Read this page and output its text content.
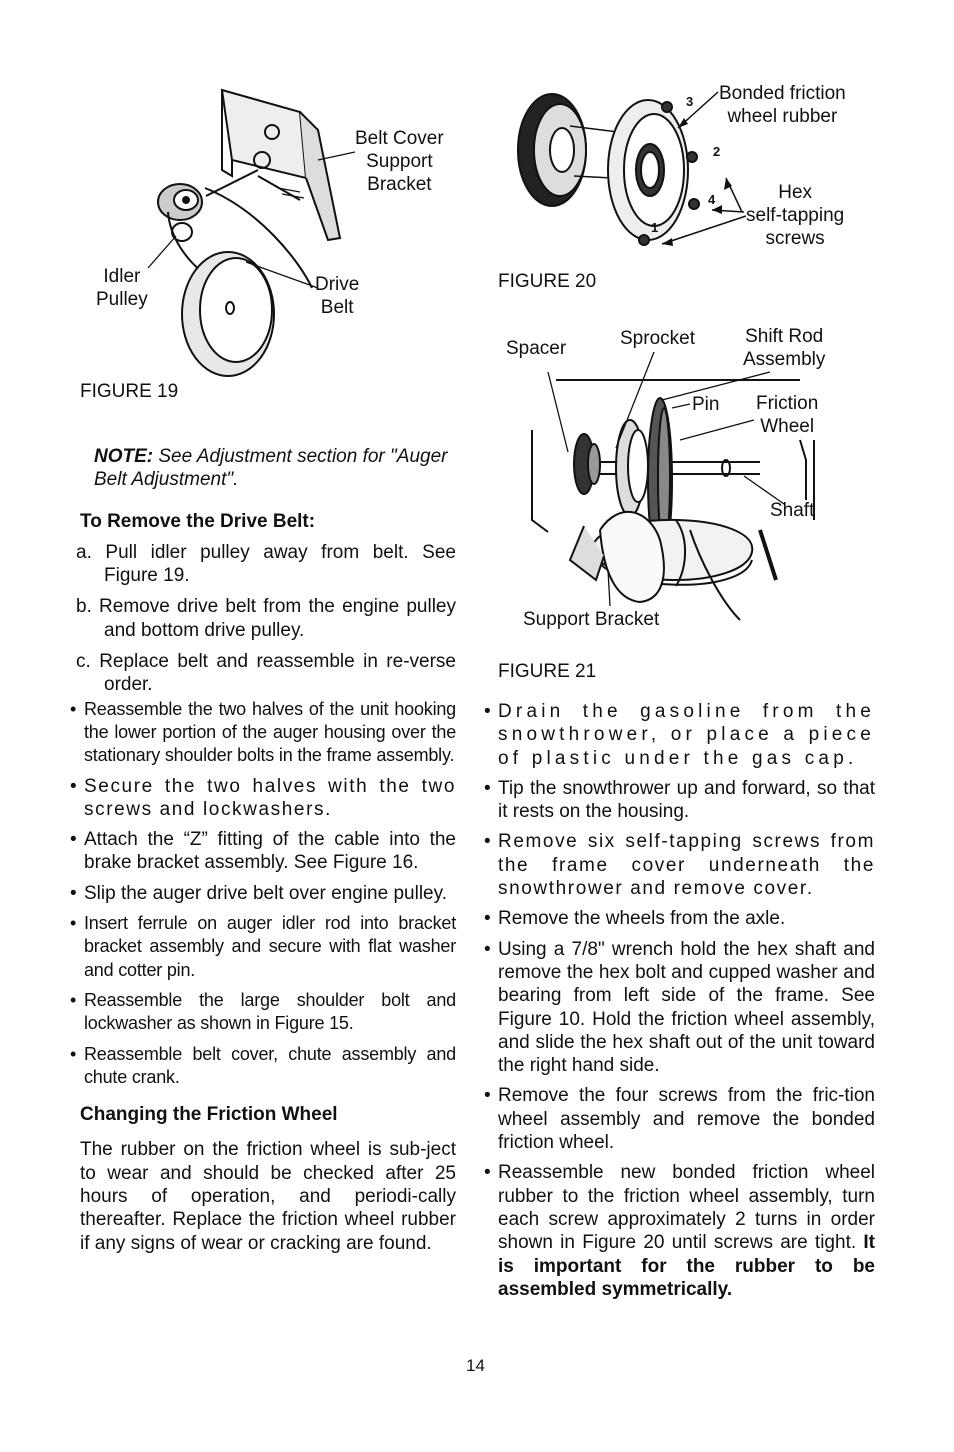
Belt Cover
Support
Bracket
Idler
Pulley
Drive
Belt
FIGURE 19
3
2
4
1
Bonded friction
wheel rubber
Hex
self-tapping
screws
FIGURE 20
Spacer	Sprocket	Shift Rod
Assembly
Pin Friction
Wheel
Shaft
Support Bracket
FIGURE 21

NOTE: See Adjustment section for "Auger Belt Adjustment".

To Remove the Drive Belt:

a. Pull idler pulley away from belt. See Figure 19.

b. Remove drive belt from the engine pulley and bottom drive pulley.

c. Replace belt and reassemble in re-verse order.

• Reassemble the two halves of the unit hooking the lower portion of the auger housing over the stationary shoulder bolts in the frame assembly.

• Secure the two halves with the two screws and lockwashers.

• Attach the “Z” fitting of the cable into the brake bracket assembly. See Figure 16.

• Slip the auger drive belt over engine pulley.

• Insert ferrule on auger idler rod into bracket bracket assembly and secure with flat washer and cotter pin.

• Reassemble the large shoulder bolt and lockwasher as shown in Figure 15.

• Reassemble belt cover, chute assembly and chute crank.

Changing the Friction Wheel

The rubber on the friction wheel is sub-ject to wear and should be checked after 25 hours of operation, and periodi-cally thereafter. Replace the friction wheel rubber if any signs of wear or cracking are found.

• Drain the gasoline from the snowthrower, or place a piece of plastic under the gas cap.

• Tip the snowthrower up and forward, so that it rests on the housing.

• Remove six self-tapping screws from the frame cover underneath the snowthrower and remove cover.

• Remove the wheels from the axle.

• Using a 7/8" wrench hold the hex shaft and remove the hex bolt and cupped washer and bearing from left side of the frame. See Figure 10. Hold the friction wheel assembly, and slide the hex shaft out of the unit toward the right hand side.

• Remove the four screws from the fric-tion wheel assembly and remove the bonded friction wheel.

• Reassemble new bonded friction wheel rubber to the friction wheel assembly, turn each screw approximately 2 turns in order shown in Figure 20 until screws are tight. It is important for the rubber to be assembled symmetrically.

14
